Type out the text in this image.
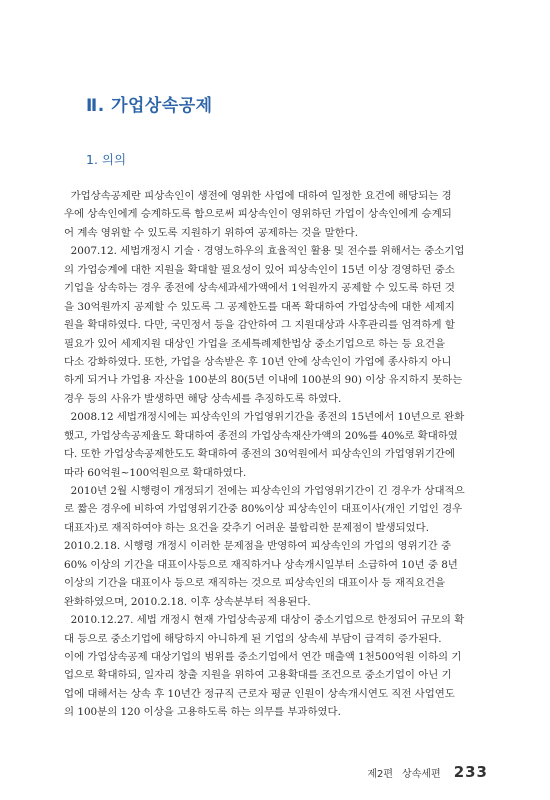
Ⅱ. 가업상속공제
1. 의의
가업상속공제란 피상속인이 생전에 영위한 사업에 대하여 일정한 요건에 해당되는 경
우에 상속인에게 승계하도록 함으로써 피상속인이 영위하던 가업이 상속인에게 승계되
어 계속 영위할 수 있도록 지원하기 위하여 공제하는 것을 말한다.
2007.12. 세법개정시 기술 · 경영노하우의 효율적인 활용 및 전수를 위해서는 중소기업
의 가업승계에 대한 지원을 확대할 필요성이 있어 피상속인이 15년 이상 경영하던 중소
기업을 상속하는 경우 종전에 상속세과세가액에서 1억원까지 공제할 수 있도록 하던 것
을 30억원까지 공제할 수 있도록 그 공제한도를 대폭 확대하여 가업상속에 대한 세제지
원을 확대하였다. 다만, 국민정서 등을 감안하여 그 지원대상과 사후관리를 엄격하게 할
필요가 있어 세제지원 대상인 가업을 조세특례제한법상 중소기업으로 하는 등 요건을
다소 강화하였다. 또한, 가업을 상속받은 후 10년 안에 상속인이 가업에 종사하지 아니
하게 되거나 가업용 자산을 100분의 80(5년 이내에 100분의 90) 이상 유지하지 못하는
경우 등의 사유가 발생하면 해당 상속세를 추징하도록 하였다.
2008.12 세법개정시에는 피상속인의 가업영위기간을 종전의 15년에서 10년으로 완화
했고, 가업상속공제율도 확대하여 종전의 가업상속재산가액의 20%를 40%로 확대하였
다. 또한 가업상속공제한도도 확대하여 종전의 30억원에서 피상속인의 가업영위기간에
따라 60억원~100억원으로 확대하였다.
2010년 2월 시행령이 개정되기 전에는 피상속인의 가업영위기간이 긴 경우가 상대적으
로 짧은 경우에 비하여 가업영위기간중 80%이상 피상속인이 대표이사(개인 기업인 경우
대표자)로 재직하여야 하는 요건을 갖추기 어려운 불합리한 문제점이 발생되었다.
2010.2.18. 시행령 개정시 이러한 문제점을 반영하여 피상속인의 가업의 영위기간 중
60% 이상의 기간을 대표이사등으로 재직하거나 상속개시일부터 소급하여 10년 중 8년
이상의 기간을 대표이사 등으로 재직하는 것으로 피상속인의 대표이사 등 재직요건을
완화하였으며, 2010.2.18. 이후 상속분부터 적용된다.
2010.12.27. 세법 개정시 현재 가업상속공제 대상이 중소기업으로 한정되어 규모의 확
대 등으로 중소기업에 해당하지 아니하게 된 기업의 상속세 부담이 급격히 증가된다.
이에 가업상속공제 대상기업의 범위를 중소기업에서 연간 매출액 1천500억원 이하의 기
업으로 확대하되, 일자리 창출 지원을 위하여 고용확대를 조건으로 중소기업이 아닌 기
업에 대해서는 상속 후 10년간 정규직 근로자 평균 인원이 상속개시연도 직전 사업연도
의 100분의 120 이상을 고용하도록 하는 의무를 부과하였다.
제2편 상속세편 233
